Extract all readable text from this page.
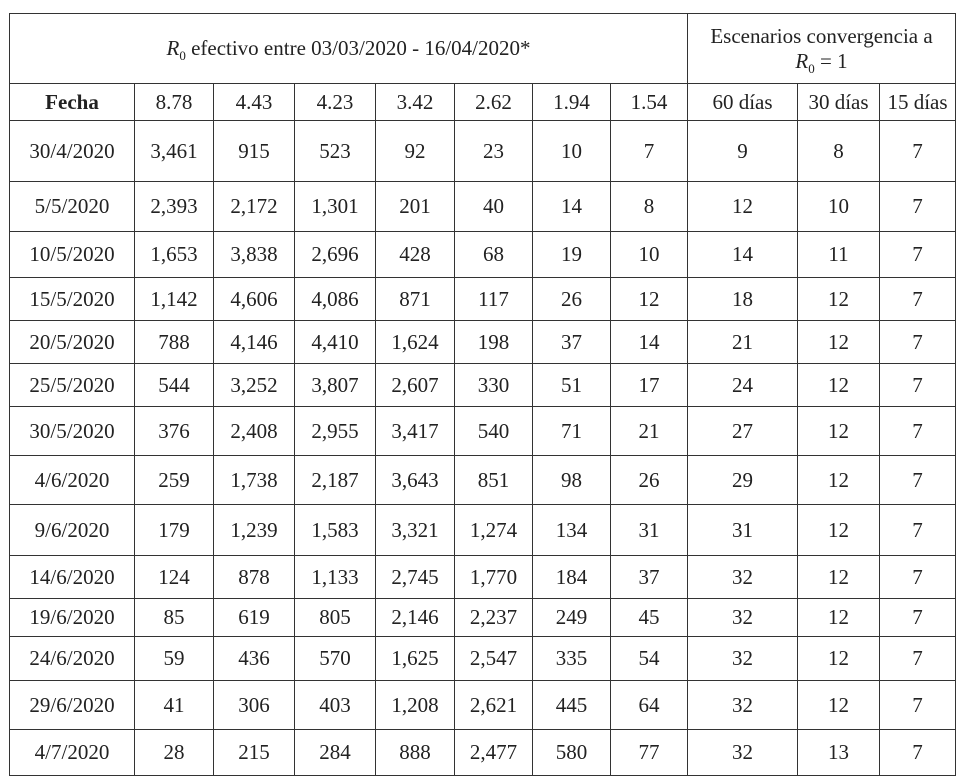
$R_0$ efectivo entre 03/03/2020 - 16/04/2020*								Escenarios convergencia a
$R_0 = 1$		
Fecha	8.78	4.43	4.23	3.42	2.62	1.94	1.54	60 días	30 días	15 días
30/4/2020	3,461	915	523	92	23	10	7	9	8	7
5/5/2020	2,393	2,172	1,301	201	40	14	8	12	10	7
10/5/2020	1,653	3,838	2,696	428	68	19	10	14	11	7
15/5/2020	1,142	4,606	4,086	871	117	26	12	18	12	7
20/5/2020	788	4,146	4,410	1,624	198	37	14	21	12	7
25/5/2020	544	3,252	3,807	2,607	330	51	17	24	12	7
30/5/2020	376	2,408	2,955	3,417	540	71	21	27	12	7
4/6/2020	259	1,738	2,187	3,643	851	98	26	29	12	7
9/6/2020	179	1,239	1,583	3,321	1,274	134	31	31	12	7
14/6/2020	124	878	1,133	2,745	1,770	184	37	32	12	7
19/6/2020	85	619	805	2,146	2,237	249	45	32	12	7
24/6/2020	59	436	570	1,625	2,547	335	54	32	12	7
29/6/2020	41	306	403	1,208	2,621	445	64	32	12	7
4/7/2020	28	215	284	888	2,477	580	77	32	13	7
